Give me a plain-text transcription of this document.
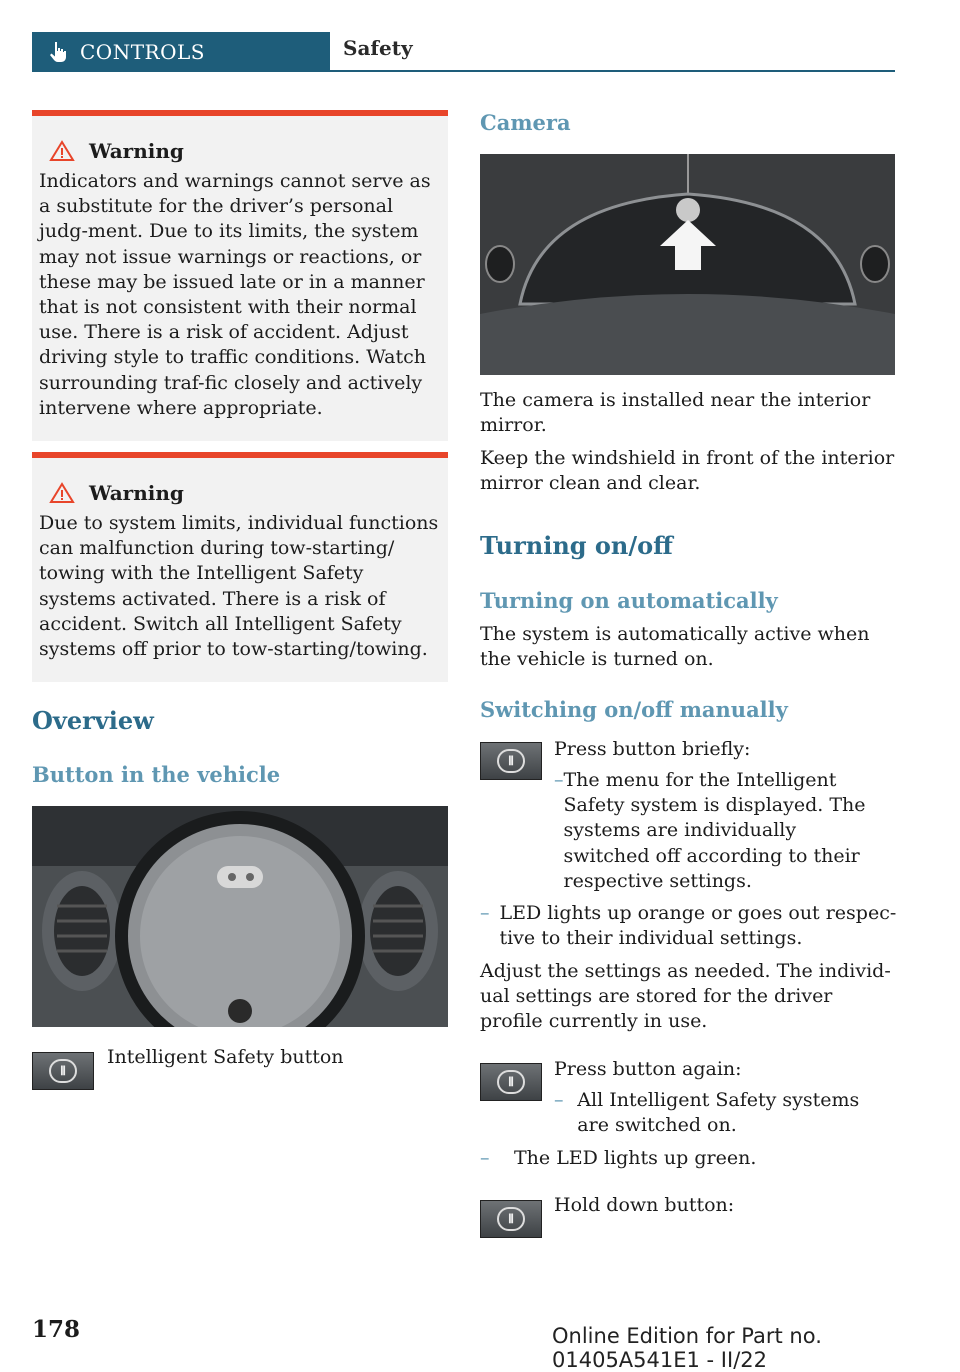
CONTROLS	Safety
Warning
Indicators and warnings cannot serve as a substitute for the driver’s personal judg-ment. Due to its limits, the system may not issue warnings or reactions, or these may be issued late or in a manner that is not consistent with their normal use. There is a risk of accident. Adjust driving style to traffic conditions. Watch surrounding traf-fic closely and actively intervene where appropriate.
Warning
Due to system limits, individual functions can malfunction during tow-starting/ towing with the Intelligent Safety systems activated. There is a risk of accident. Switch all Intelligent Safety systems off prior to tow-starting/towing.
Overview
Button in the vehicle
⦀
Intelligent Safety button
Camera
The camera is installed near the interior mirror.
Keep the windshield in front of the interior mirror clean and clear.
Turning on/off
Turning on automatically
The system is automatically active when the vehicle is turned on.
Switching on/off manually
⦀
Press button briefly:
– The menu for the Intelligent Safety system is displayed. The systems are individually switched off according to their respective settings.
– LED lights up orange or goes out respec-tive to their individual settings.
Adjust the settings as needed. The individ-ual settings are stored for the driver profile currently in use.
⦀
Press button again:
– All Intelligent Safety systems are switched on.
–	The LED lights up green.
⦀
Hold down button:
178	Online Edition for Part no. 01405A541E1 - II/22
